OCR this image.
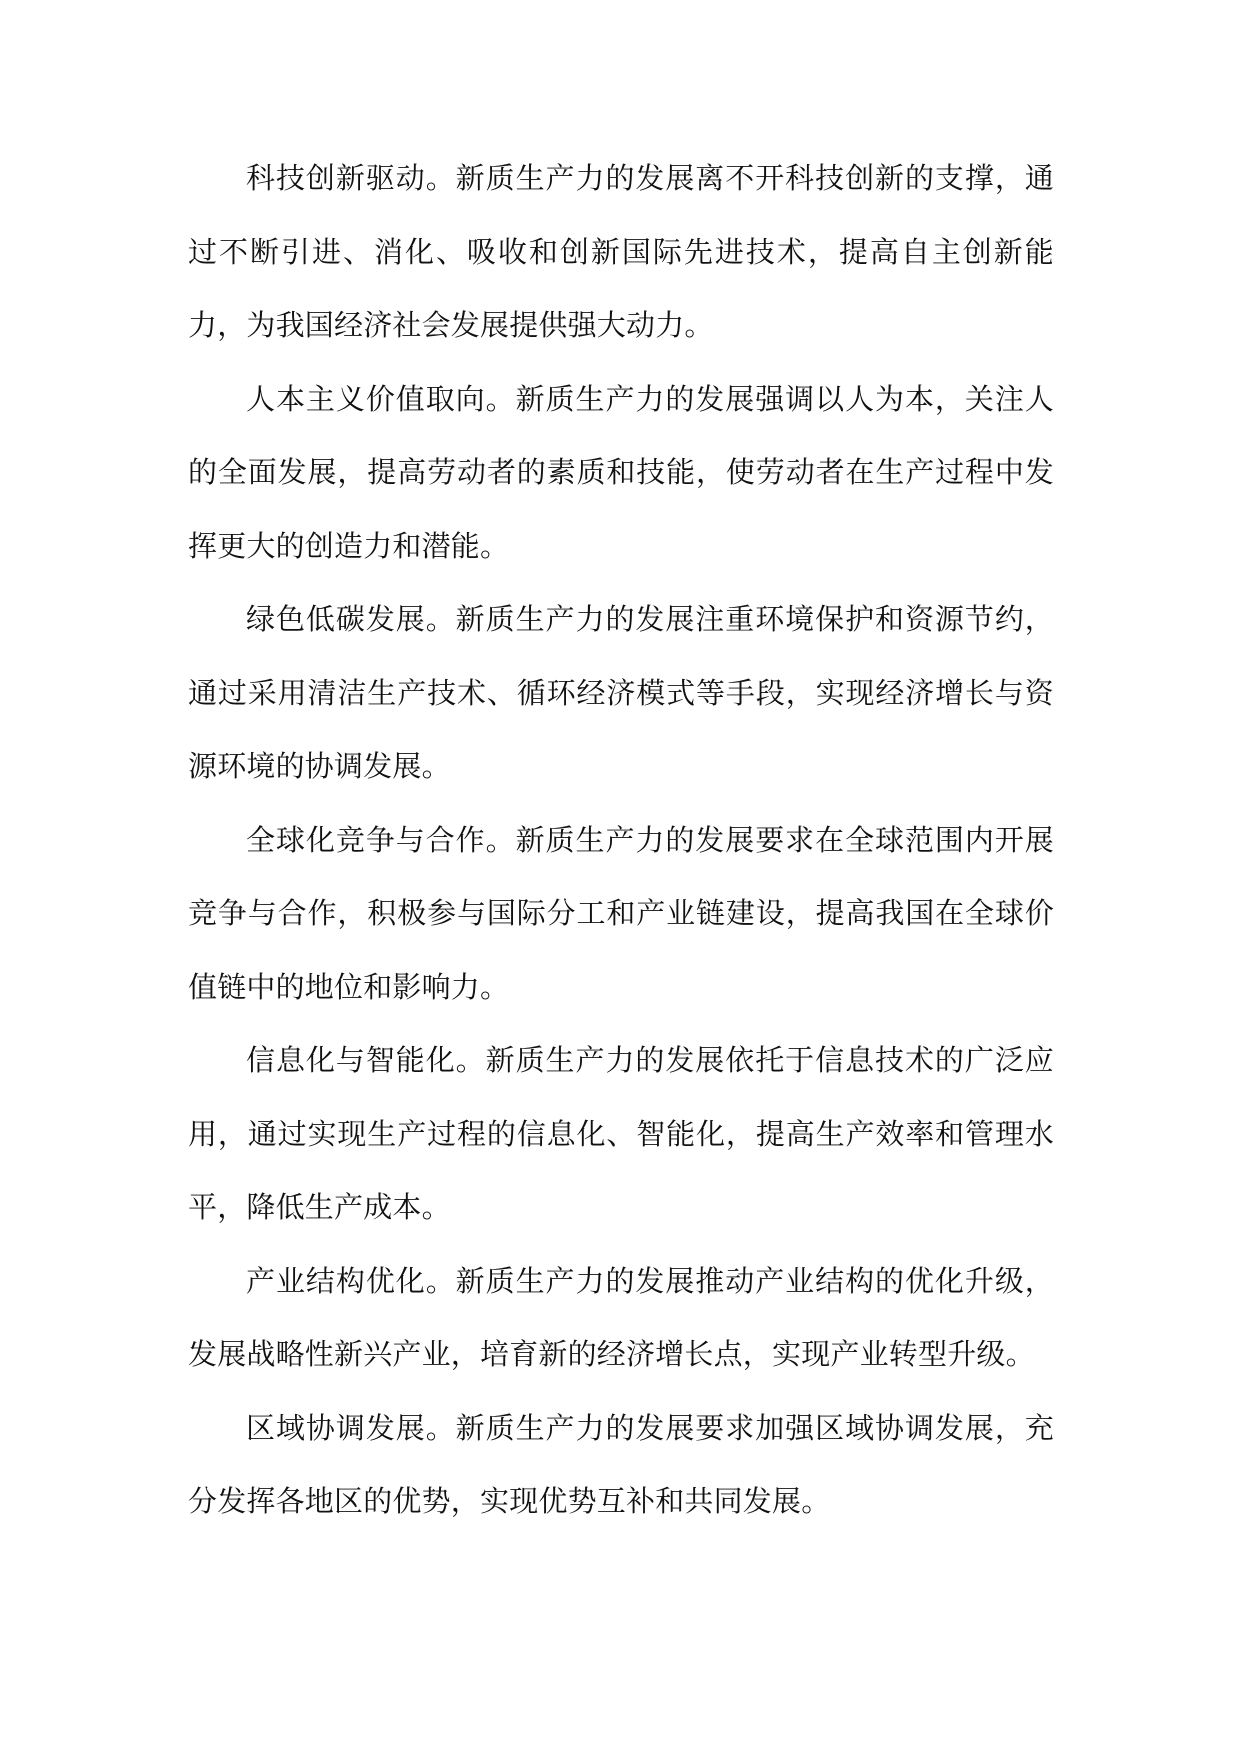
科技创新驱动。新质生产力的发展离不开科技创新的支撑，通过不断引进、消化、吸收和创新国际先进技术，提高自主创新能力，为我国经济社会发展提供强大动力。

人本主义价值取向。新质生产力的发展强调以人为本，关注人的全面发展，提高劳动者的素质和技能，使劳动者在生产过程中发挥更大的创造力和潜能。

绿色低碳发展。新质生产力的发展注重环境保护和资源节约，通过采用清洁生产技术、循环经济模式等手段，实现经济增长与资源环境的协调发展。

全球化竞争与合作。新质生产力的发展要求在全球范围内开展竞争与合作，积极参与国际分工和产业链建设，提高我国在全球价值链中的地位和影响力。

信息化与智能化。新质生产力的发展依托于信息技术的广泛应用，通过实现生产过程的信息化、智能化，提高生产效率和管理水平，降低生产成本。

产业结构优化。新质生产力的发展推动产业结构的优化升级，发展战略性新兴产业，培育新的经济增长点，实现产业转型升级。

区域协调发展。新质生产力的发展要求加强区域协调发展，充分发挥各地区的优势，实现优势互补和共同发展。
